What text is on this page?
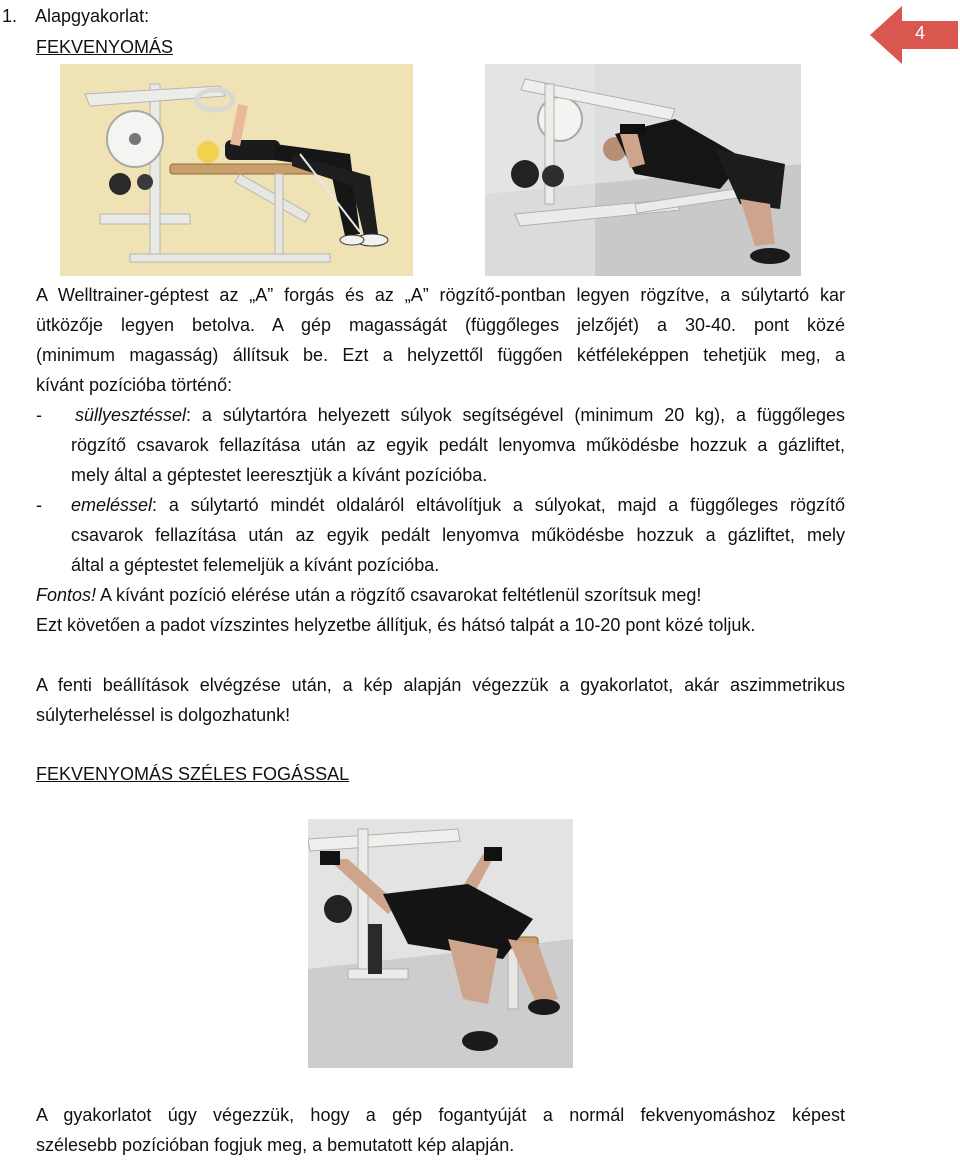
1. Alapgyakorlat:
FEKVENYOMÁS
4
A Welltrainer-géptest az „A” forgás és az „A” rögzítő-pontban legyen rögzítve, a súlytartó kar
ütközője legyen betolva. A gép magasságát (függőleges jelzőjét) a 30-40. pont közé
(minimum magasság) állítsuk be. Ezt a helyzettől függően kétféleképpen tehetjük meg, a
kívánt pozícióba történő:
- süllyesztéssel: a súlytartóra helyezett súlyok segítségével (minimum 20 kg), a függőleges
rögzítő csavarok fellazítása után az egyik pedált lenyomva működésbe hozzuk a gázliftet,
mely által a géptestet leeresztjük a kívánt pozícióba.
- emeléssel: a súlytartó mindét oldaláról eltávolítjuk a súlyokat, majd a függőleges rögzítő
csavarok fellazítása után az egyik pedált lenyomva működésbe hozzuk a gázliftet, mely
által a géptestet felemeljük a kívánt pozícióba.
Fontos! A kívánt pozíció elérése után a rögzítő csavarokat feltétlenül szorítsuk meg!
Ezt követően a padot vízszintes helyzetbe állítjuk, és hátsó talpát a 10-20 pont közé toljuk.
A fenti beállítások elvégzése után, a kép alapján végezzük a gyakorlatot, akár aszimmetrikus
súlyterheléssel is dolgozhatunk!
FEKVENYOMÁS SZÉLES FOGÁSSAL
A gyakorlatot úgy végezzük, hogy a gép fogantyúját a normál fekvenyomáshoz képest
szélesebb pozícióban fogjuk meg, a bemutatott kép alapján.
